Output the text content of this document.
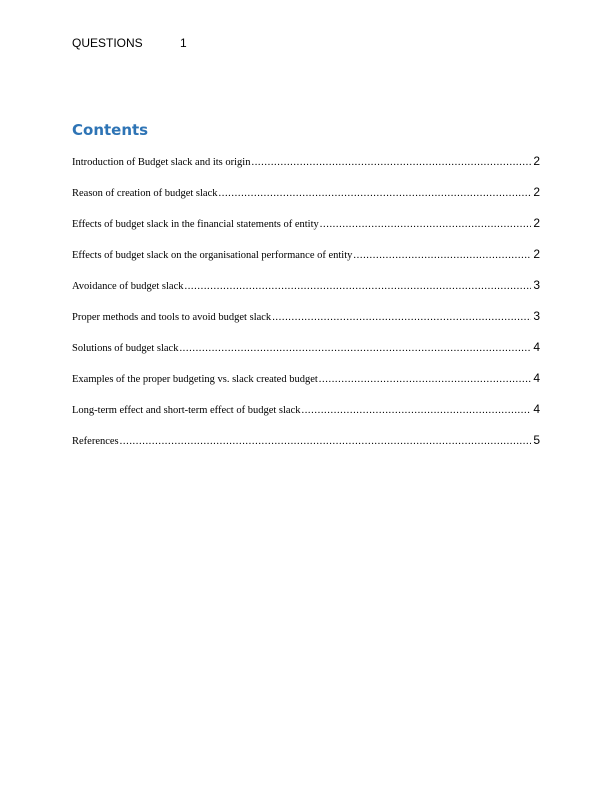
QUESTIONS	1
Contents
Introduction of Budget slack and its origin .....	2
Reason of creation of budget slack .....	2
Effects of budget slack in the financial statements of entity .....	2
Effects of budget slack on the organisational performance of entity .....	2
Avoidance of budget slack .....	3
Proper methods and tools to avoid budget slack .....	3
Solutions of budget slack .....	4
Examples of the proper budgeting vs. slack created budget .....	4
Long-term effect and short-term effect of budget slack .....	4
References .....	5
